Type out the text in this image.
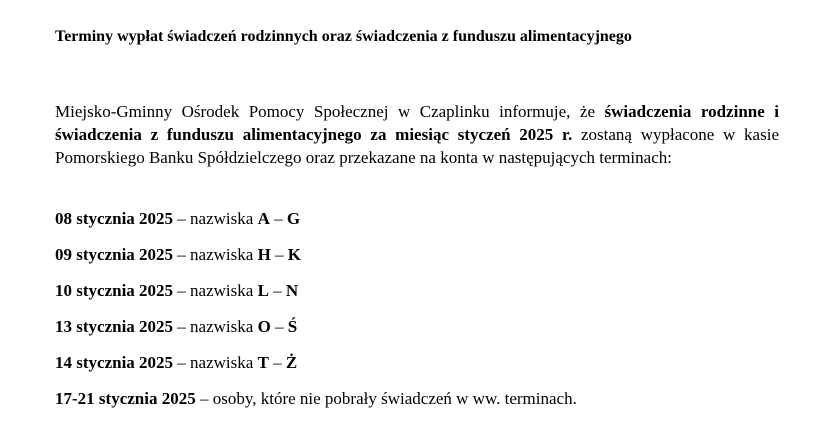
Terminy wypłat świadczeń rodzinnych oraz świadczenia z funduszu alimentacyjnego

Miejsko-Gminny Ośrodek Pomocy Społecznej w Czaplinku informuje, że świadczenia rodzinne i świadczenia z funduszu alimentacyjnego za miesiąc styczeń 2025 r. zostaną wypłacone w kasie Pomorskiego Banku Spółdzielczego oraz przekazane na konta w następujących terminach:

08 stycznia 2025 – nazwiska A – G
09 stycznia 2025 – nazwiska H – K
10 stycznia 2025 – nazwiska L – N
13 stycznia 2025 – nazwiska O – Ś
14 stycznia 2025 – nazwiska T – Ż
17-21 stycznia 2025 – osoby, które nie pobrały świadczeń w ww. terminach.
